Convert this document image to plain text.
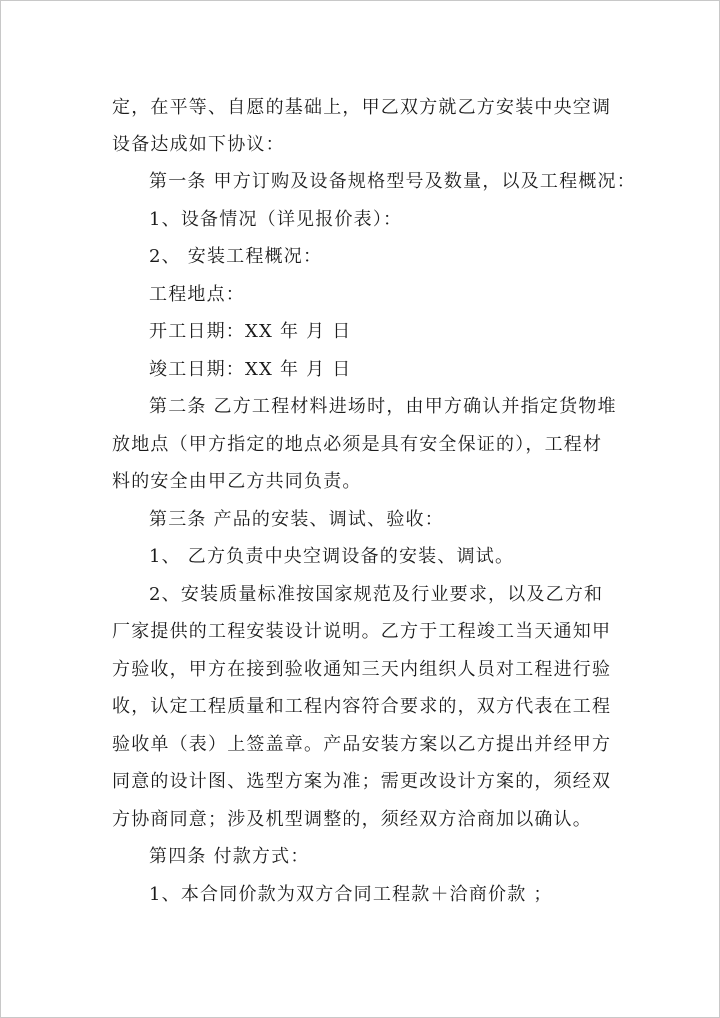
定，在平等、自愿的基础上，甲乙双方就乙方安装中央空调
设备达成如下协议：
第一条 甲方订购及设备规格型号及数量，以及工程概况：
1、设备情况（详见报价表）：
2、 安装工程概况：
工程地点：
开工日期：XX 年 月 日
竣工日期：XX 年 月 日
第二条 乙方工程材料进场时，由甲方确认并指定货物堆
放地点（甲方指定的地点必须是具有安全保证的），工程材
料的安全由甲乙方共同负责。
第三条 产品的安装、调试、验收：
1、 乙方负责中央空调设备的安装、调试。
2、安装质量标准按国家规范及行业要求，以及乙方和
厂家提供的工程安装设计说明。乙方于工程竣工当天通知甲
方验收，甲方在接到验收通知三天内组织人员对工程进行验
收，认定工程质量和工程内容符合要求的，双方代表在工程
验收单（表）上签盖章。产品安装方案以乙方提出并经甲方
同意的设计图、选型方案为准；需更改设计方案的，须经双
方协商同意；涉及机型调整的，须经双方洽商加以确认。
第四条 付款方式：
1、本合同价款为双方合同工程款＋洽商价款 ；
